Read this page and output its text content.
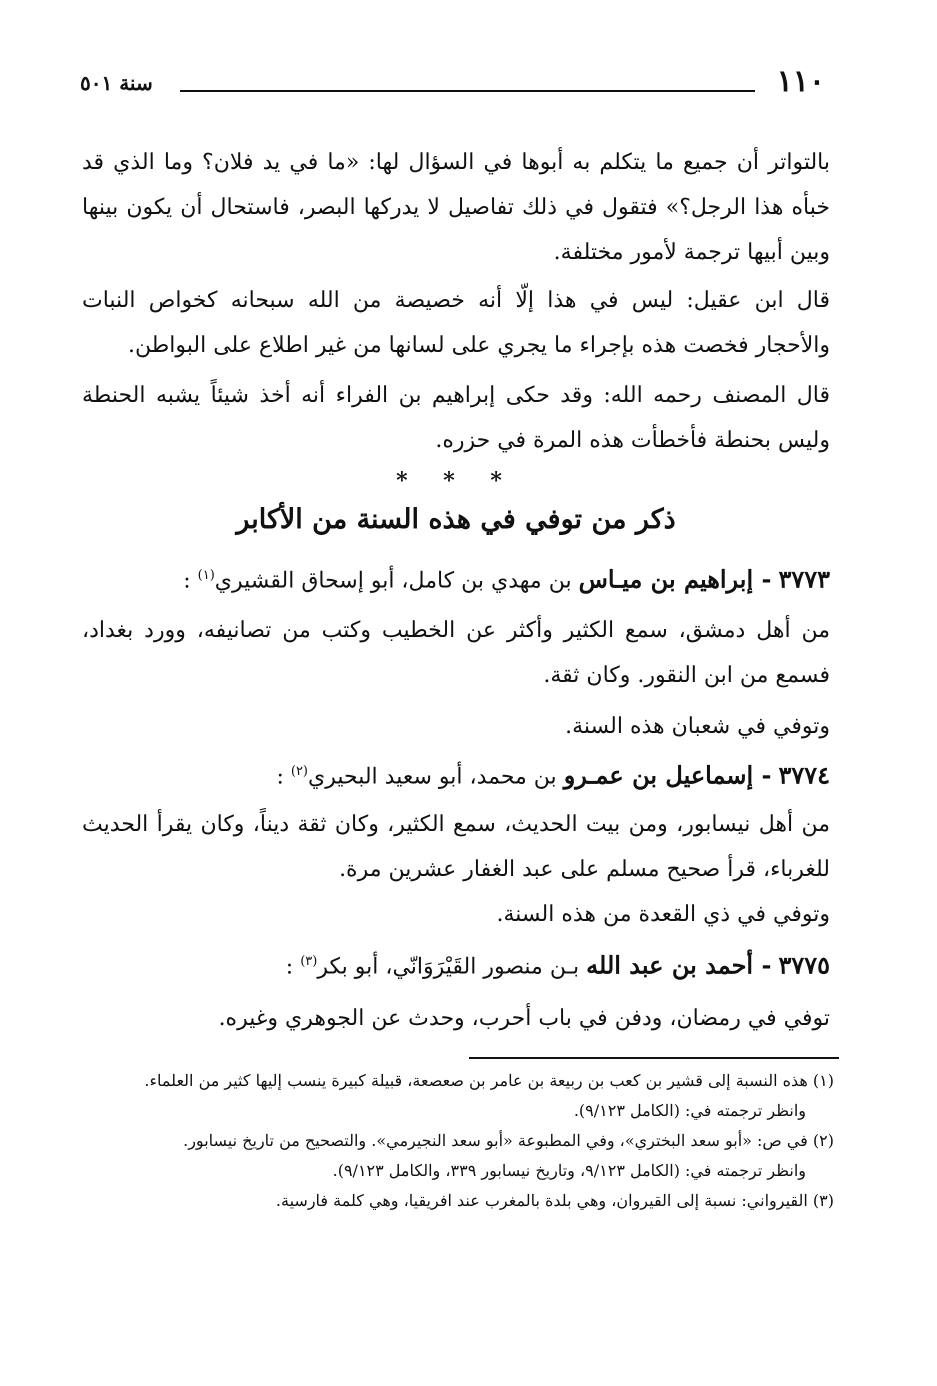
١١٠
سنة ٥٠١

بالتواتر أن جميع ما يتكلم به أبوها في السؤال لها: «ما في يد فلان؟ وما الذي قد خبأه هذا الرجل؟» فتقول في ذلك تفاصيل لا يدركها البصر، فاستحال أن يكون بينها وبين أبيها ترجمة لأمور مختلفة.

قال ابن عقيل: ليس في هذا إلّا أنه خصيصة من الله سبحانه كخواص النبات والأحجار فخصت هذه بإجراء ما يجري على لسانها من غير اطلاع على البواطن.

قال المصنف رحمه الله: وقد حكى إبراهيم بن الفراء أنه أخذ شيئاً يشبه الحنطة وليس بحنطة فأخطأت هذه المرة في حزره.

* * *
ذكر من توفي في هذه السنة من الأكابر
٣٧٧٣ - إبراهيم بن ميـاس بن مهدي بن كامل، أبو إسحاق القشيري$^{(١)}$ :

من أهل دمشق، سمع الكثير وأكثر عن الخطيب وكتب من تصانيفه، وورد بغداد، فسمع من ابن النقور. وكان ثقة.

وتوفي في شعبان هذه السنة.

٣٧٧٤ - إسماعيل بن عمـرو بن محمد، أبو سعيد البحيري$^{(٢)}$ :

من أهل نيسابور، ومن بيت الحديث، سمع الكثير، وكان ثقة ديناً، وكان يقرأ الحديث للغرباء، قرأ صحيح مسلم على عبد الغفار عشرين مرة.

وتوفي في ذي القعدة من هذه السنة.

٣٧٧٥ - أحمد بن عبد الله بـن منصور القَيْرَوَانّي، أبو بكر$^{(٣)}$ :

توفي في رمضان، ودفن في باب أحرب، وحدث عن الجوهري وغيره.

(١) هذه النسبة إلى قشير بن كعب بن ربيعة بن عامر بن صعصعة، قبيلة كبيرة ينسب إليها كثير من العلماء.

وانظر ترجمته في: (الكامل ٩/١٢٣).

(٢) في ص: «أبو سعد البختري»، وفي المطبوعة «أبو سعد النجيرمي». والتصحيح من تاريخ نيسابور.

وانظر ترجمته في: (الكامل ٩/١٢٣، وتاريخ نيسابور ٣٣٩، والكامل ٩/١٢٣).

(٣) القيرواني: نسبة إلى القيروان، وهي بلدة بالمغرب عند افريقيا، وهي كلمة فارسية.
